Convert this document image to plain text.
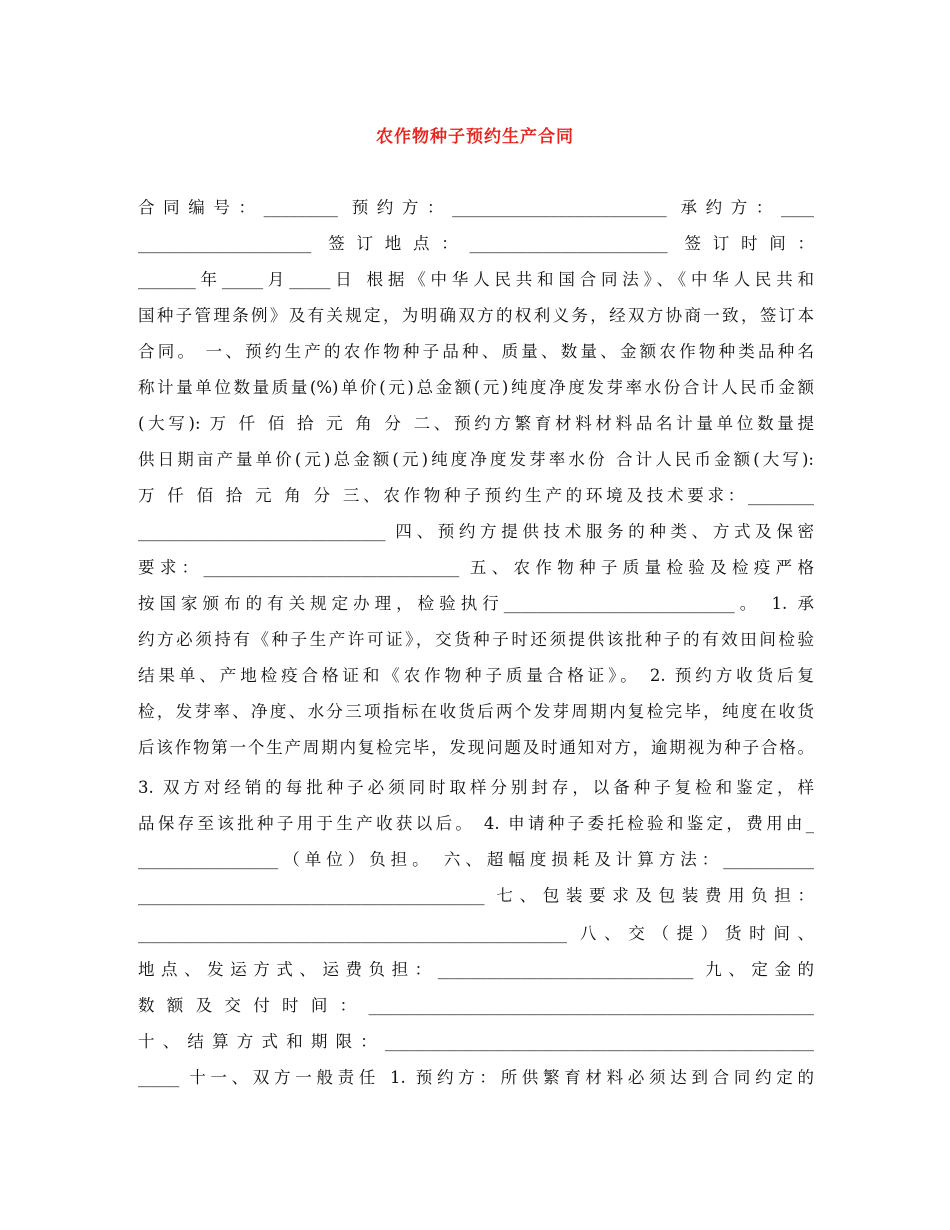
农作物种子预约生产合同
合同编号：_________ 预约方：__________________________ 承约方：____
_____________________ 签订地点：________________________ 签订时间：
_______年_____月_____日 根据《中华人民共和国合同法》、《中华人民共和
国种子管理条例》及有关规定，为明确双方的权利义务，经双方协商一致，签订本
合同。 一、预约生产的农作物种子品种、质量、数量、金额农作物种类品种名
称计量单位数量质量(%)单价(元)总金额(元)纯度净度发芽率水份合计人民币金额
(大写): 万 仟 佰 拾 元 角 分 二、预约方繁育材料材料品名计量单位数量提
供日期亩产量单价(元)总金额(元)纯度净度发芽率水份 合计人民币金额(大写):
万 仟 佰 拾 元 角 分 三、农作物种子预约生产的环境及技术要求：________
______________________________ 四、预约方提供技术服务的种类、方式及保密
要求：_______________________________ 五、农作物种子质量检验及检疫严格
按国家颁布的有关规定办理，检验执行____________________________。 1. 承
约方必须持有《种子生产许可证》，交货种子时还须提供该批种子的有效田间检验
结果单、产地检疫合格证和《农作物种子质量合格证》。 2. 预约方收货后复
检，发芽率、净度、水分三项指标在收货后两个发芽周期内复检完毕，纯度在收货
后该作物第一个生产周期内复检完毕，发现问题及时通知对方，逾期视为种子合格。
3. 双方对经销的每批种子必须同时取样分别封存，以备种子复检和鉴定，样
品保存至该批种子用于生产收获以后。 4. 申请种子委托检验和鉴定，费用由_
_________________（单位）负担。 六、超幅度损耗及计算方法：___________
__________________________________________ 七、包装要求及包装费用负担：
____________________________________________________ 八、交（提）货时间、
地点、发运方式、运费负担：_______________________________ 九、定金的
数 额 及 交 付 时 间 ： ______________________________________________________
十、结算方式和期限：____________________________________________________
_____ 十一、双方一般责任 1. 预约方：所供繁育材料必须达到合同约定的
